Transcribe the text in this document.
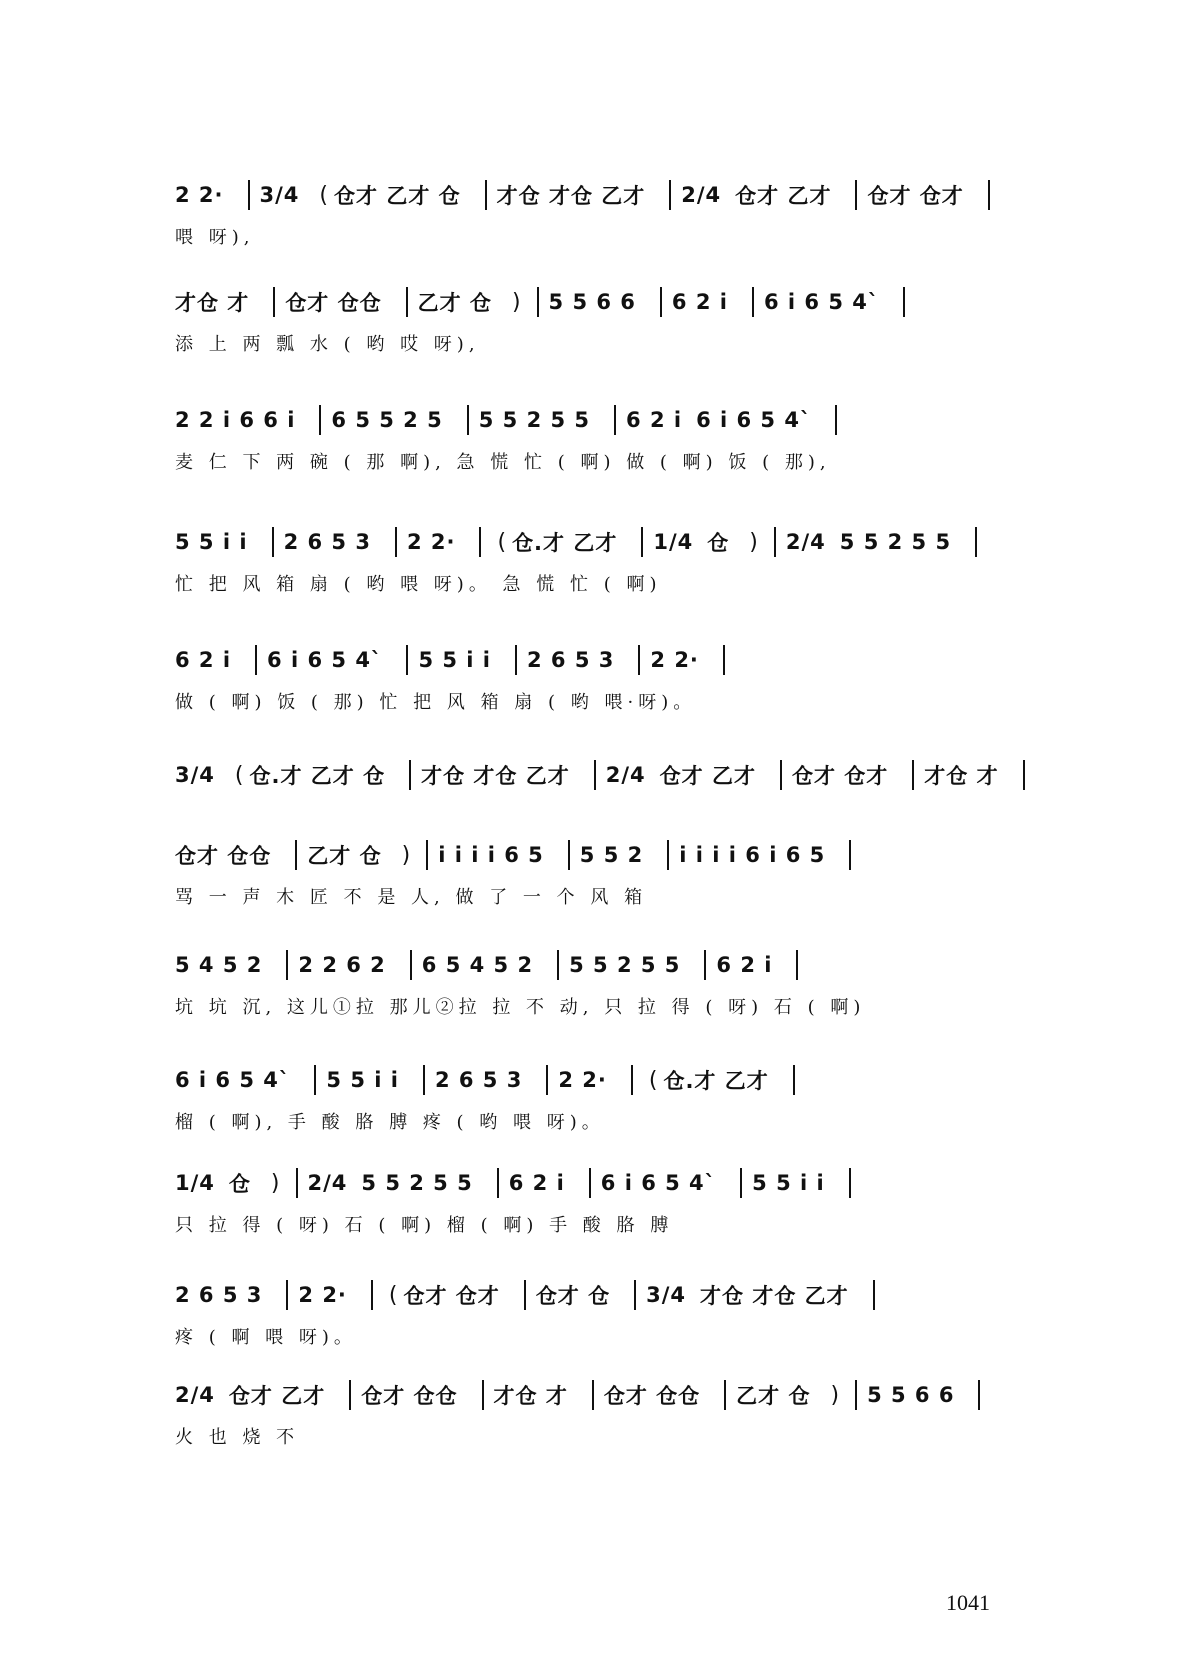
2 2· 3/4 ( 仓才 乙才 仓 才仓 才仓 乙才 2/4 仓才 乙才 仓才 仓才
喂 呀),
才仓 才 仓才 仓仓 乙才 仓 ) 5 5 6 6 6 2 i 6 i 6 5 4`
添 上 两 瓢 水 ( 哟 哎 呀),
2 2 i 6 6 i 6 5 5 2 5 5 5 2 5 5 6 2 i 6 i 6 5 4`
麦 仁 下 两 碗 ( 那 啊), 急 慌 忙 ( 啊) 做 ( 啊) 饭 ( 那),
5 5 i i 2 6 5 3 2 2· ( 仓.才 乙才 1/4 仓 ) 2/4 5 5 2 5 5
忙 把 风 箱 扇 ( 哟 喂 呀)。 急 慌 忙 ( 啊)
6 2 i 6 i 6 5 4` 5 5 i i 2 6 5 3 2 2·
做 ( 啊) 饭 ( 那) 忙 把 风 箱 扇 ( 哟 喂·呀)。
3/4 ( 仓.才 乙才 仓 才仓 才仓 乙才 2/4 仓才 乙才 仓才 仓才 才仓 才
仓才 仓仓 乙才 仓 ) i i i i 6 5 5 5 2 i i i i 6 i 6 5
骂 一 声 木 匠 不 是 人, 做 了 一 个 风 箱
5 4 5 2 2 2 6 2 6 5 4 5 2 5 5 2 5 5 6 2 i
坑 坑 沉, 这儿①拉 那儿②拉 拉 不 动, 只 拉 得 ( 呀) 石 ( 啊)
6 i 6 5 4` 5 5 i i 2 6 5 3 2 2· ( 仓.才 乙才
榴 ( 啊), 手 酸 胳 膊 疼 ( 哟 喂 呀)。
1/4 仓 ) 2/4 5 5 2 5 5 6 2 i 6 i 6 5 4` 5 5 i i
只 拉 得 ( 呀) 石 ( 啊) 榴 ( 啊) 手 酸 胳 膊
2 6 5 3 2 2· ( 仓才 仓才 仓才 仓 3/4 才仓 才仓 乙才
疼 ( 啊 喂 呀)。
2/4 仓才 乙才 仓才 仓仓 才仓 才 仓才 仓仓 乙才 仓 ) 5 5 6 6
火 也 烧 不
1041
